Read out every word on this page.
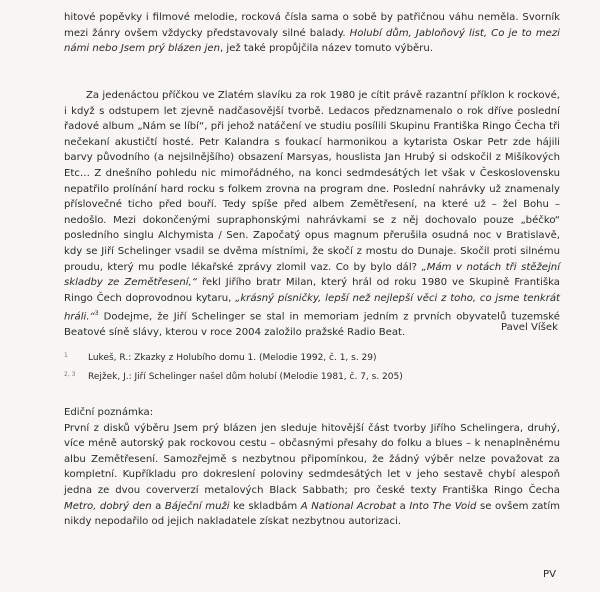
hitové popěvky i filmové melodie, rocková čísla sama o sobě by patřičnou váhu neměla. Svorník mezi žánry ovšem vždycky představovaly silné balady. Holubí dům, Jabloňový list, Co je to mezi námi nebo Jsem prý blázen jen, jež také propůjčila název tomuto výběru.

Za jedenáctou příčkou ve Zlatém slavíku za rok 1980 je cítit právě razantní příklon k rockové, i když s odstupem let zjevně nadčasovější tvorbě. Ledacos předznamenalo o rok dříve poslední řadové album „Nám se líbí“, při jehož natáčení ve studiu posílili Skupinu Františka Ringo Čecha tři nečekaní akustičtí hosté. Petr Kalandra s foukací harmonikou a kytarista Oskar Petr zde hájili barvy původního (a nejsilnějšího) obsazení Marsyas, houslista Jan Hrubý si odskočil z Mišíkových Etc… Z dnešního pohledu nic mimořádného, na konci sedmdesátých let však v Československu nepatřilo prolínání hard rocku s folkem zrovna na program dne. Poslední nahrávky už znamenaly příslovečné ticho před bouří. Tedy spíše před albem Zemětřesení, na které už – žel Bohu – nedošlo. Mezi dokončenými supraphonskými nahrávkami se z něj dochovalo pouze „béčko“ posledního singlu Alchymista / Sen. Započatý opus magnum přerušila osudná noc v Bratislavě, kdy se Jiří Schelinger vsadil se dvěma místními, že skočí z mostu do Dunaje. Skočil proti silnému proudu, který mu podle lékařské zprávy zlomil vaz. Co by bylo dál? „Mám v notách tři stěžejní skladby ze Zemětřesení,“ řekl Jiřího bratr Milan, který hrál od roku 1980 ve Skupině Františka Ringo Čech doprovodnou kytaru, „krásný písničky, lepší než nejlepší věci z toho, co jsme tenkrát hráli.“$^3$ Dodejme, že Jiří Schelinger se stal in memoriam jedním z prvních obyvatelů tuzemské Beatové síně slávy, kterou v roce 2004 založilo pražské Radio Beat.	Pavel Víšek
1 Lukeš, R.: Zkazky z Holubího domu 1. (Melodie 1992, č. 1, s. 29)
2, 3 Rejžek, J.: Jiří Schelinger našel dům holubí (Melodie 1981, č. 7, s. 205)

Ediční poznámka:

První z disků výběru Jsem prý blázen jen sleduje hitovější část tvorby Jiřího Schelingera, druhý, více méně autorský pak rockovou cestu – občasnými přesahy do folku a blues – k nenaplněnému albu Zemětřesení. Samozřejmě s nezbytnou připomínkou, že žádný výběr nelze považovat za kompletní. Kupříkladu pro dokreslení poloviny sedmdesátých let v jeho sestavě chybí alespoň jedna ze dvou coververzí metalových Black Sabbath; pro české texty Františka Ringo Čecha Metro, dobrý den a Báječní muži ke skladbám A National Acrobat a Into The Void se ovšem zatím nikdy nepodařilo od jejich nakladatele získat nezbytnou autorizaci.

PV
